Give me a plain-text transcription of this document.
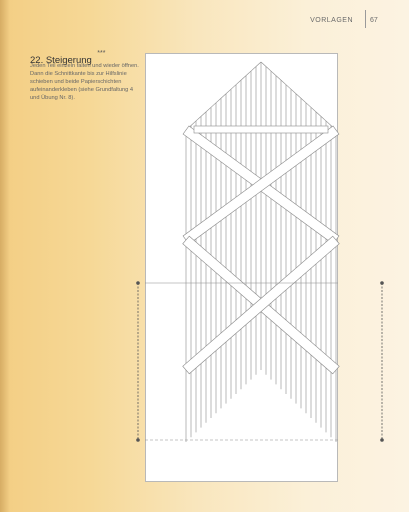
VORLAGEN 67
22. Steigerung ***
Jeden Teil einzeln falten und wieder öffnen. Dann die Schnittkante bis zur Hilfslinie schieben und beide Papierschichten aufeinanderkleben (siehe Grundfaltung 4 und Übung Nr. 8).
